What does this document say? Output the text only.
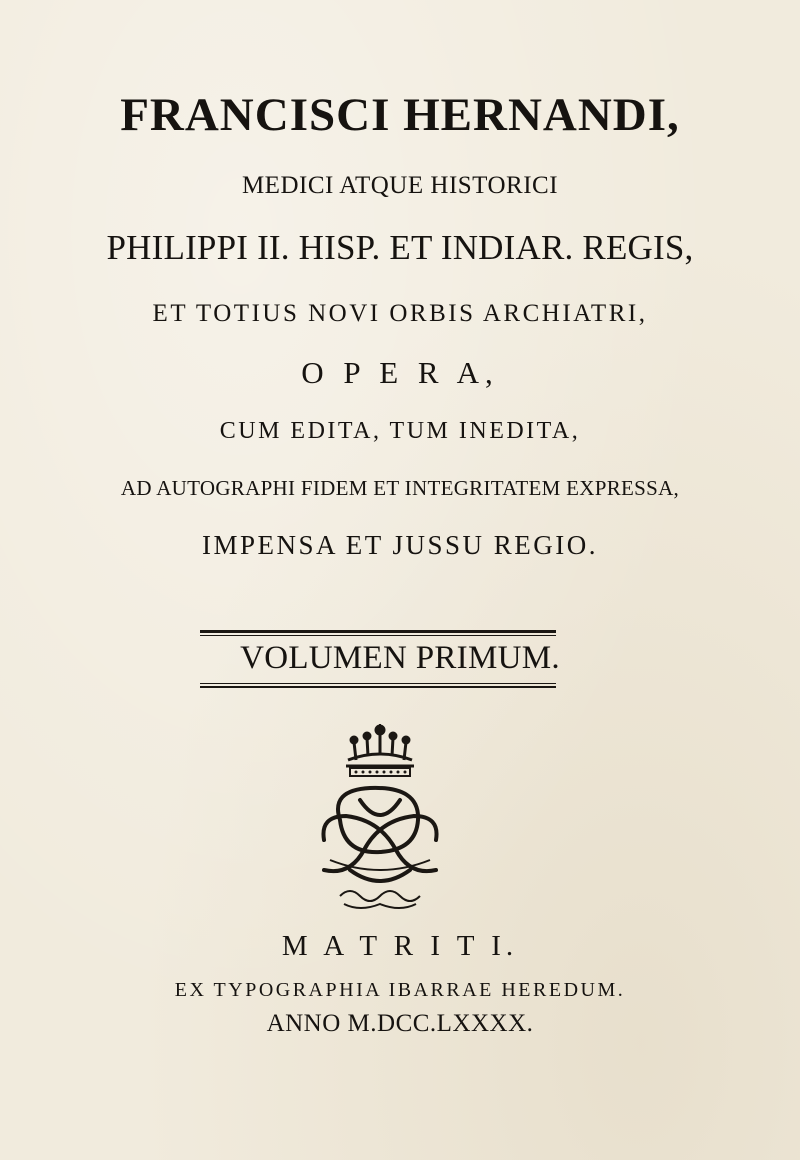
FRANCISCI HERNANDI,
MEDICI ATQUE HISTORICI
PHILIPPI II. HISP. ET INDIAR. REGIS,
ET TOTIUS NOVI ORBIS ARCHIATRI,
O P E R A,
CUM EDITA, TUM INEDITA,
AD AUTOGRAPHI FIDEM ET INTEGRITATEM EXPRESSA,
IMPENSA ET JUSSU REGIO.
VOLUMEN PRIMUM.
M A T R I T I.
EX TYPOGRAPHIA IBARRAE HEREDUM.
ANNO M.DCC.LXXXX.
